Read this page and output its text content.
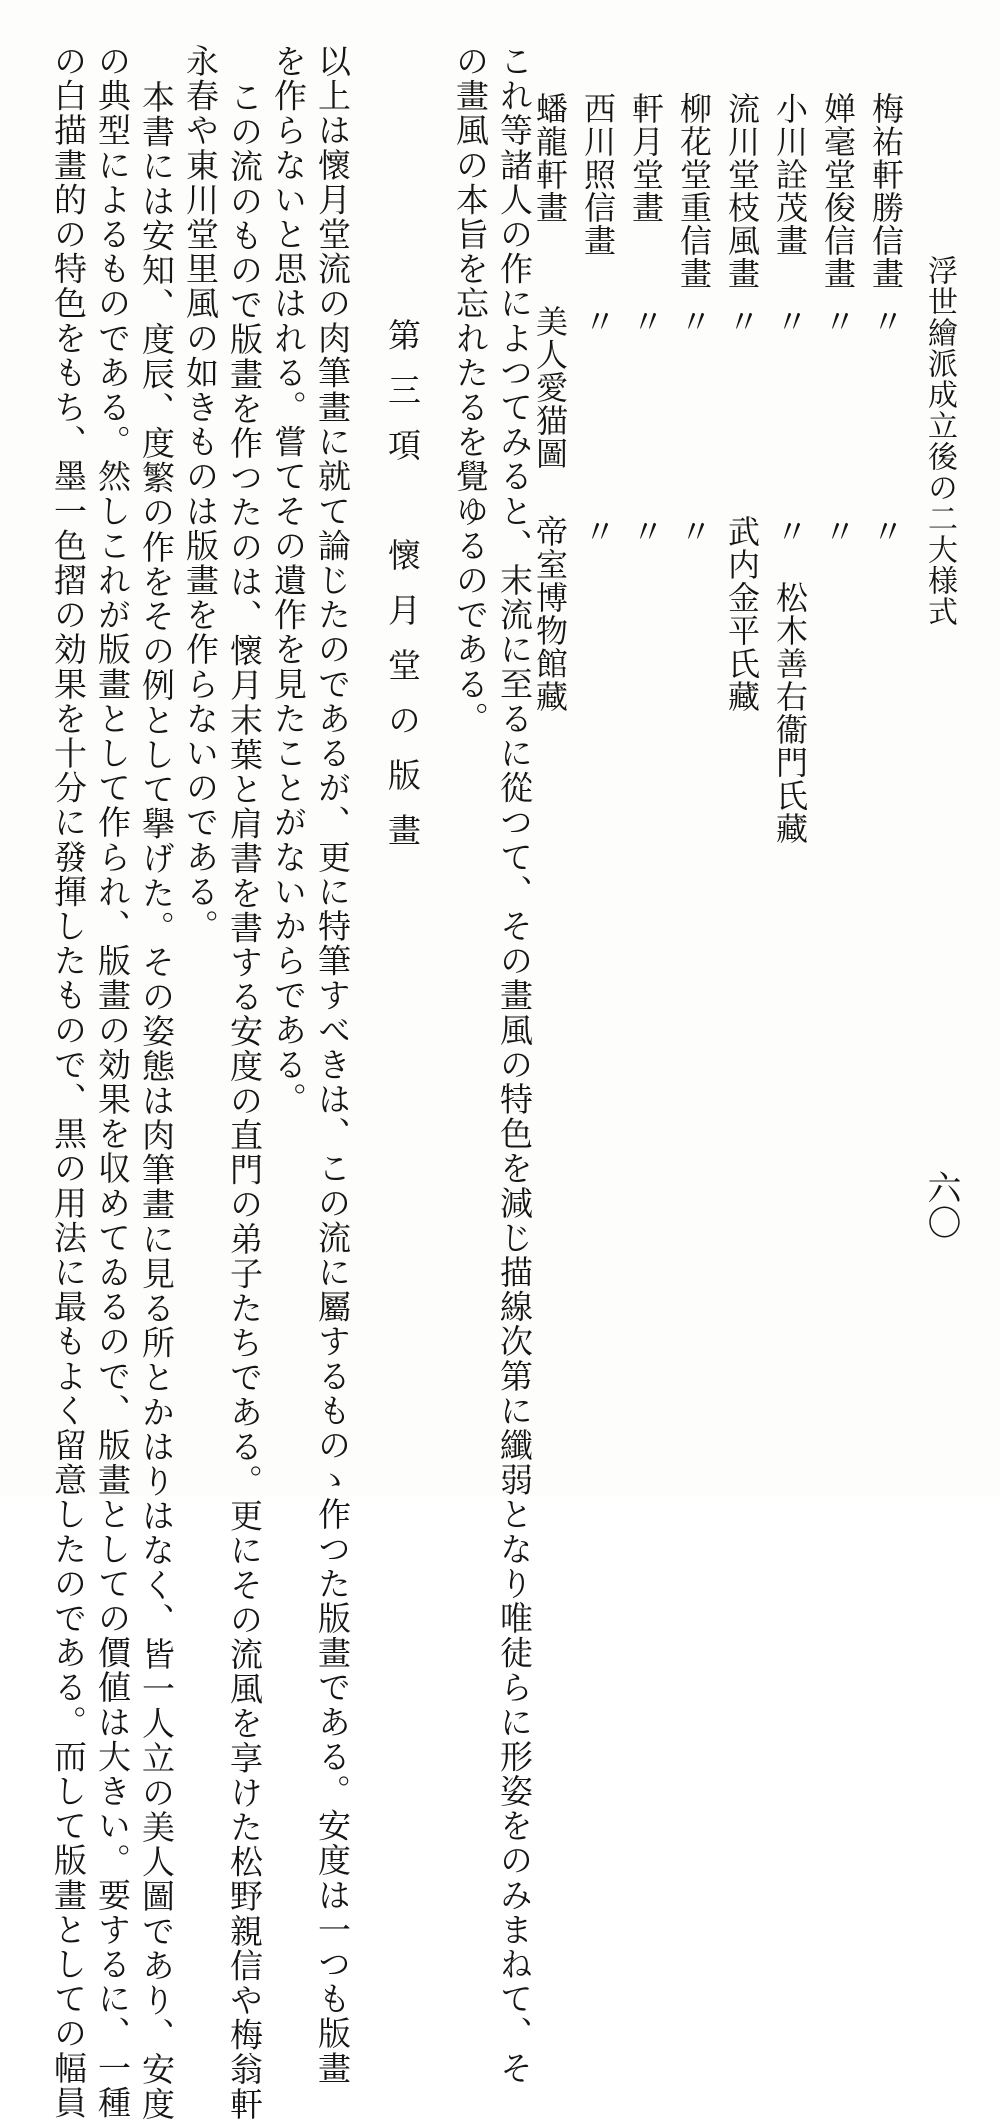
浮世繪派成立後の二大様式
六〇
梅祐軒勝信畫
婵毫堂俊信畫
小川詮茂畫
流川堂枝風畫
柳花堂重信畫
軒月堂畫
西川照信畫
蟠龍軒畫
〃
〃
〃
〃
〃
〃
〃
美人愛猫圖
〃
〃
〃　松木善右衞門氏藏
武内金平氏藏
〃
〃
〃
帝室博物館藏
これ等諸人の作によつてみると、末流に至るに從つて、その畫風の特色を減じ描線次第に纖弱となり唯徒らに形姿をのみまねて、そ
の畫風の本旨を忘れたるを覺ゆるのである。
第三項　懷月堂の版畫
以上は懷月堂流の肉筆畫に就て論じたのであるが、更に特筆すべきは、この流に屬するものゝ作つた版畫である。安度は一つも版畫
を作らないと思はれる。嘗てその遺作を見たことがないからである。
この流のもので版畫を作つたのは、懷月末葉と肩書を書する安度の直門の弟子たちである。更にその流風を享けた松野親信や梅翁軒
永春や東川堂里風の如きものは版畫を作らないのである。
本書には安知、度辰、度繁の作をその例として擧げた。その姿態は肉筆畫に見る所とかはりはなく、皆一人立の美人圖であり、安度
の典型によるものである。然しこれが版畫として作られ、版畫の効果を収めてゐるので、版畫としての價値は大きい。要するに、一種
の白描畫的の特色をもち、墨一色摺の効果を十分に發揮したもので、黒の用法に最もよく留意したのである。而して版畫としての幅員
